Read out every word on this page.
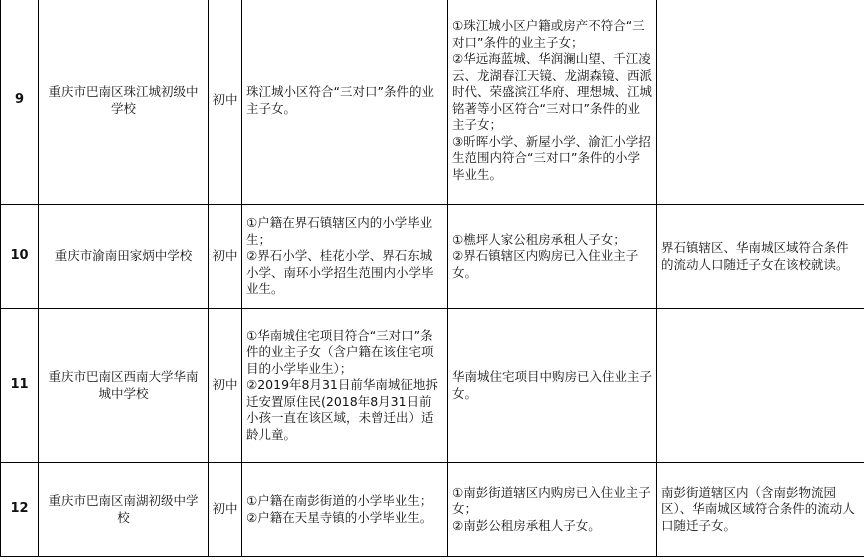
9	重庆市巴南区珠江城初级中学校	初中	珠江城小区符合“三对口”条件的业主子女。	①珠江城小区户籍或房产不符合“三对口”条件的业主子女；
②华远海蓝城、华润澜山望、千江凌云、龙湖春江天镜、龙湖森镜、西派时代、荣盛滨江华府、理想城、江城铭著等小区符合“三对口”条件的业主子女；
③昕晖小学、新屋小学、渝汇小学招生范围内符合“三对口”条件的小学毕业生。	

10	重庆市渝南田家炳中学校	初中	①户籍在界石镇辖区内的小学毕业生；
②界石小学、桂花小学、界石东城小学、南环小学招生范围内小学毕业生。	①樵坪人家公租房承租人子女；
②界石镇辖区内购房已入住业主子女。	界石镇辖区、华南城区域符合条件的流动人口随迁子女在该校就读。

11	重庆市巴南区西南大学华南城中学校	初中	①华南城住宅项目符合“三对口”条件的业主子女（含户籍在该住宅项目的小学毕业生）；
②2019年8月31日前华南城征地拆迁安置原住民(2018年8月31日前小孩一直在该区域，未曾迁出）适龄儿童。	华南城住宅项目中购房已入住业主子女。	

12	重庆市巴南区南湖初级中学校	初中	①户籍在南彭街道的小学毕业生；
②户籍在天星寺镇的小学毕业生。	①南彭街道辖区内购房已入住业主子女；
②南彭公租房承租人子女。	南彭街道辖区内（含南彭物流园区）、华南城区域符合条件的流动人口随迁子女。
